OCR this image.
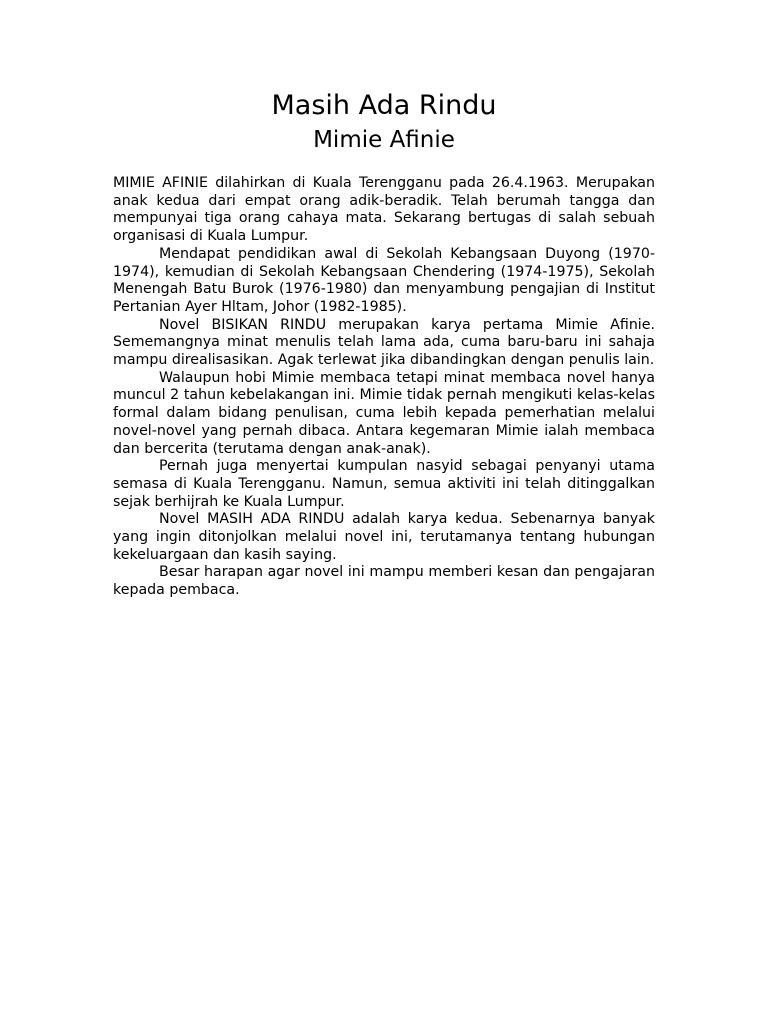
Masih Ada Rindu
Mimie Afinie

MIMIE AFINIE dilahirkan di Kuala Terengganu pada 26.4.1963. Merupakan anak kedua dari empat orang adik-beradik. Telah berumah tangga dan mempunyai tiga orang cahaya mata. Sekarang bertugas di salah sebuah organisasi di Kuala Lumpur.

Mendapat pendidikan awal di Sekolah Kebangsaan Duyong (1970-1974), kemudian di Sekolah Kebangsaan Chendering (1974-1975), Sekolah Menengah Batu Burok (1976-1980) dan menyambung pengajian di Institut Pertanian Ayer Hltam, Johor (1982-1985).

Novel BISIKAN RINDU merupakan karya pertama Mimie Afinie. Sememangnya minat menulis telah lama ada, cuma baru-baru ini sahaja mampu direalisasikan. Agak terlewat jika dibandingkan dengan penulis lain.

Walaupun hobi Mimie membaca tetapi minat membaca novel hanya muncul 2 tahun kebelakangan ini. Mimie tidak pernah mengikuti kelas-kelas formal dalam bidang penulisan, cuma lebih kepada pemerhatian melalui novel-novel yang pernah dibaca. Antara kegemaran Mimie ialah membaca dan bercerita (terutama dengan anak-anak).

Pernah juga menyertai kumpulan nasyid sebagai penyanyi utama semasa di Kuala Terengganu. Namun, semua aktiviti ini telah ditinggalkan sejak berhijrah ke Kuala Lumpur.

Novel MASIH ADA RINDU adalah karya kedua. Sebenarnya banyak yang ingin ditonjolkan melalui novel ini, terutamanya tentang hubungan kekeluargaan dan kasih saying.

Besar harapan agar novel ini mampu memberi kesan dan pengajaran kepada pembaca.
